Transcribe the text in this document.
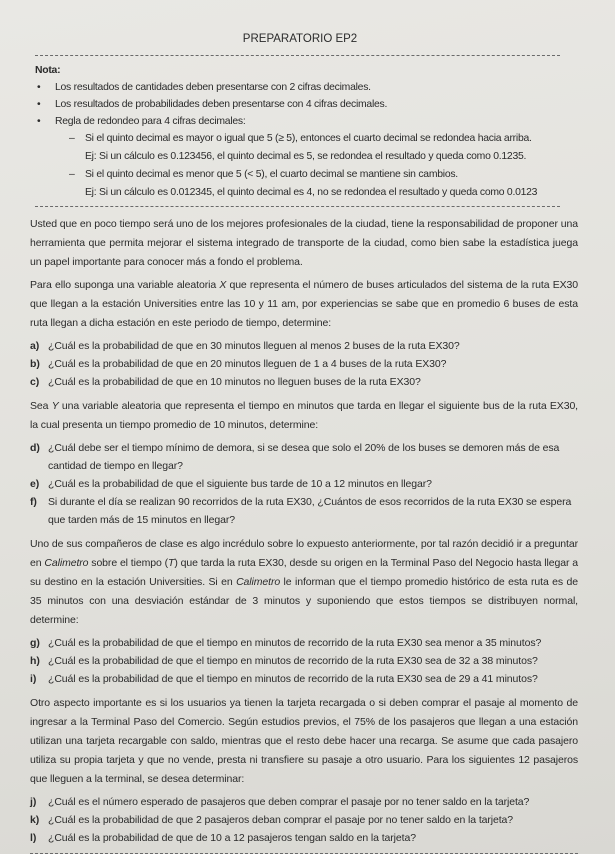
PREPARATORIO EP2
Nota:
• Los resultados de cantidades deben presentarse con 2 cifras decimales.
• Los resultados de probabilidades deben presentarse con 4 cifras decimales.
• Regla de redondeo para 4 cifras decimales:
– Si el quinto decimal es mayor o igual que 5 (≥ 5), entonces el cuarto decimal se redondea hacia arriba.
Ej: Si un cálculo es 0.123456, el quinto decimal es 5, se redondea el resultado y queda como 0.1235.
– Si el quinto decimal es menor que 5 (< 5), el cuarto decimal se mantiene sin cambios.
Ej: Si un cálculo es 0.012345, el quinto decimal es 4, no se redondea el resultado y queda como 0.0123

Usted que en poco tiempo será uno de los mejores profesionales de la ciudad, tiene la responsabilidad de proponer una herramienta que permita mejorar el sistema integrado de transporte de la ciudad, como bien sabe la estadística juega un papel importante para conocer más a fondo el problema.

Para ello suponga una variable aleatoria X que representa el número de buses articulados del sistema de la ruta EX30 que llegan a la estación Universities entre las 10 y 11 am, por experiencias se sabe que en promedio 6 buses de esta ruta llegan a dicha estación en este periodo de tiempo, determine:

a) ¿Cuál es la probabilidad de que en 30 minutos lleguen al menos 2 buses de la ruta EX30?
b) ¿Cuál es la probabilidad de que en 20 minutos lleguen de 1 a 4 buses de la ruta EX30?
c) ¿Cuál es la probabilidad de que en 10 minutos no lleguen buses de la ruta EX30?

Sea Y una variable aleatoria que representa el tiempo en minutos que tarda en llegar el siguiente bus de la ruta EX30, la cual presenta un tiempo promedio de 10 minutos, determine:

d) ¿Cuál debe ser el tiempo mínimo de demora, si se desea que solo el 20% de los buses se demoren más de esa cantidad de tiempo en llegar?
e) ¿Cuál es la probabilidad de que el siguiente bus tarde de 10 a 12 minutos en llegar?
f) Si durante el día se realizan 90 recorridos de la ruta EX30, ¿Cuántos de esos recorridos de la ruta EX30 se espera que tarden más de 15 minutos en llegar?

Uno de sus compañeros de clase es algo incrédulo sobre lo expuesto anteriormente, por tal razón decidió ir a preguntar en Calimetro sobre el tiempo (T) que tarda la ruta EX30, desde su origen en la Terminal Paso del Negocio hasta llegar a su destino en la estación Universities. Si en Calimetro le informan que el tiempo promedio histórico de esta ruta es de 35 minutos con una desviación estándar de 3 minutos y suponiendo que estos tiempos se distribuyen normal, determine:

g) ¿Cuál es la probabilidad de que el tiempo en minutos de recorrido de la ruta EX30 sea menor a 35 minutos?
h) ¿Cuál es la probabilidad de que el tiempo en minutos de recorrido de la ruta EX30 sea de 32 a 38 minutos?
i) ¿Cuál es la probabilidad de que el tiempo en minutos de recorrido de la ruta EX30 sea de 29 a 41 minutos?

Otro aspecto importante es si los usuarios ya tienen la tarjeta recargada o si deben comprar el pasaje al momento de ingresar a la Terminal Paso del Comercio. Según estudios previos, el 75% de los pasajeros que llegan a una estación utilizan una tarjeta recargable con saldo, mientras que el resto debe hacer una recarga. Se asume que cada pasajero utiliza su propia tarjeta y que no vende, presta ni transfiere su pasaje a otro usuario. Para los siguientes 12 pasajeros que lleguen a la terminal, se desea determinar:

j) ¿Cuál es el número esperado de pasajeros que deben comprar el pasaje por no tener saldo en la tarjeta?
k) ¿Cuál es la probabilidad de que 2 pasajeros deban comprar el pasaje por no tener saldo en la tarjeta?
l) ¿Cuál es la probabilidad de que de 10 a 12 pasajeros tengan saldo en la tarjeta?
